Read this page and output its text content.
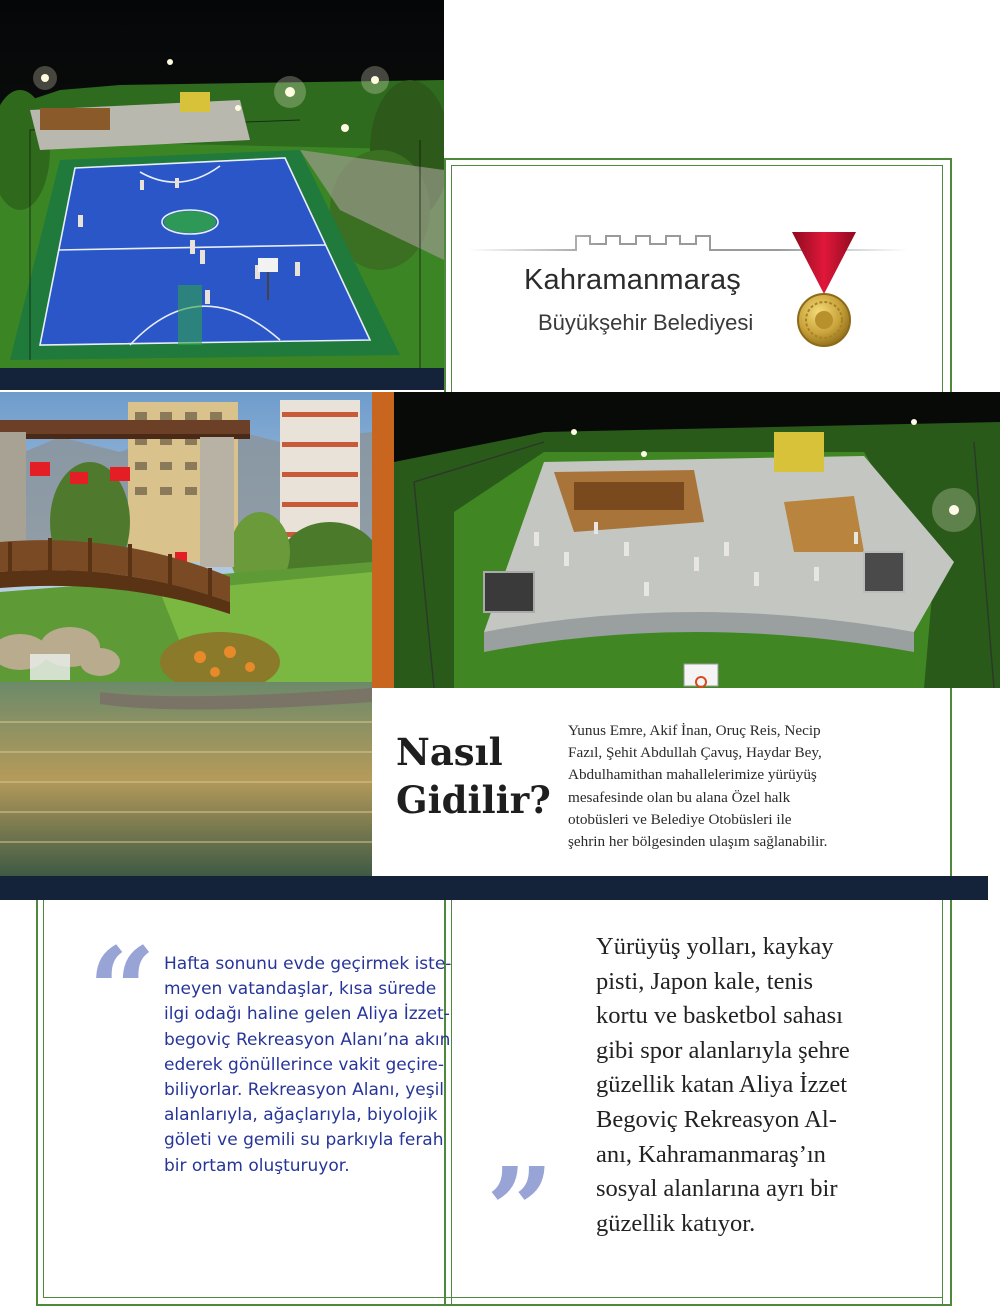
Kahramanmaraş
Büyükşehir Belediyesi
Nasıl
Gidilir?
Yunus Emre, Akif İnan, Oruç Reis, Necip
Fazıl, Şehit Abdullah Çavuş, Haydar Bey,
Abdulhamithan mahallelerimize yürüyüş
mesafesinde olan bu alana Özel halk
otobüsleri ve Belediye Otobüsleri ile
şehrin her bölgesinden ulaşım sağlanabilir.
“
”
Hafta sonunu evde geçirmek iste-
meyen vatandaşlar, kısa sürede
ilgi odağı haline gelen Aliya İzzet-
begoviç Rekreasyon Alanı’na akın
ederek gönüllerince vakit geçire-
biliyorlar. Rekreasyon Alanı, yeşil
alanlarıyla, ağaçlarıyla, biyolojik
göleti ve gemili su parkıyla ferah
bir ortam oluşturuyor.
Yürüyüş yolları, kaykay
pisti, Japon kale, tenis
kortu ve basketbol sahası
gibi spor alanlarıyla şehre
güzellik katan Aliya İzzet
Begoviç Rekreasyon Al-
anı, Kahramanmaraş’ın
sosyal alanlarına ayrı bir
güzellik katıyor.
